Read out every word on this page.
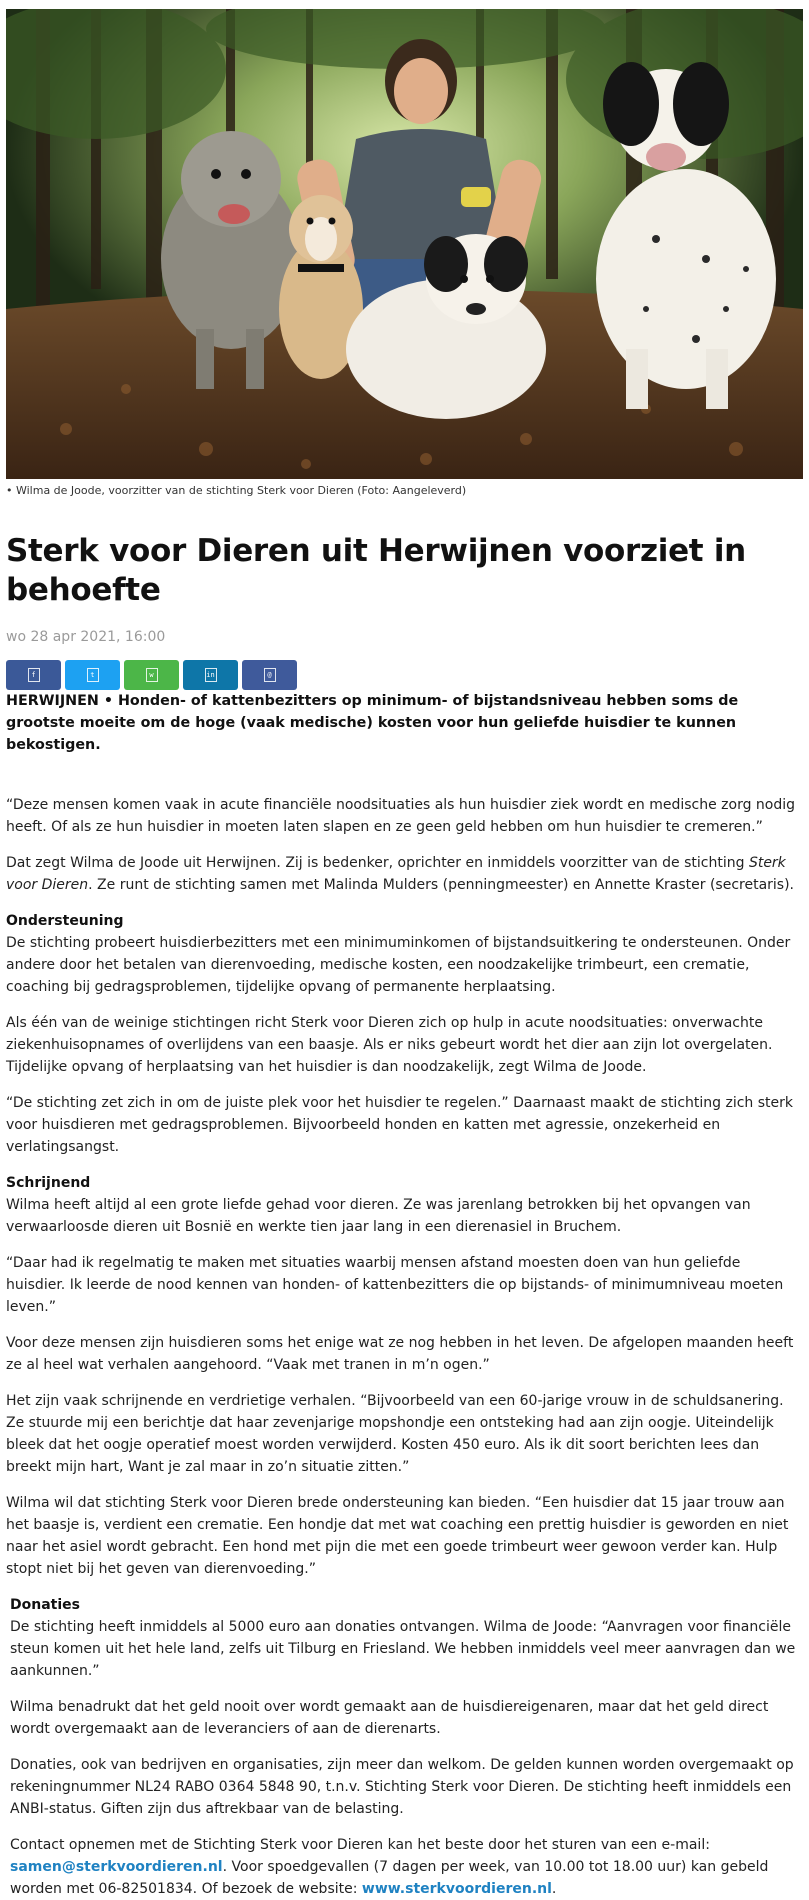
• Wilma de Joode, voorzitter van de stichting Sterk voor Dieren (Foto: Aangeleverd)
Sterk voor Dieren uit Herwijnen voorziet in behoefte
wo 28 apr 2021, 16:00
f	t	w	in	@

HERWIJNEN • Honden- of kattenbezitters op minimum- of bijstandsniveau hebben soms de grootste moeite om de hoge (vaak medische) kosten voor hun geliefde huisdier te kunnen bekostigen.

“Deze mensen komen vaak in acute financiële noodsituaties als hun huisdier ziek wordt en medische zorg nodig heeft. Of als ze hun huisdier in moeten laten slapen en ze geen geld hebben om hun huisdier te cremeren.”

Dat zegt Wilma de Joode uit Herwijnen. Zij is bedenker, oprichter en inmiddels voorzitter van de stichting Sterk voor Dieren. Ze runt de stichting samen met Malinda Mulders (penningmeester) en Annette Kraster (secretaris).

Ondersteuning

De stichting probeert huisdierbezitters met een minimuminkomen of bijstandsuitkering te ondersteunen. Onder andere door het betalen van dierenvoeding, medische kosten, een noodzakelijke trimbeurt, een crematie, coaching bij gedragsproblemen, tijdelijke opvang of permanente herplaatsing.

Als één van de weinige stichtingen richt Sterk voor Dieren zich op hulp in acute noodsituaties: onverwachte ziekenhuisopnames of overlijdens van een baasje. Als er niks gebeurt wordt het dier aan zijn lot overgelaten. Tijdelijke opvang of herplaatsing van het huisdier is dan noodzakelijk, zegt Wilma de Joode.

“De stichting zet zich in om de juiste plek voor het huisdier te regelen.” Daarnaast maakt de stichting zich sterk voor huisdieren met gedragsproblemen. Bijvoorbeeld honden en katten met agressie, onzekerheid en verlatingsangst.

Schrijnend

Wilma heeft altijd al een grote liefde gehad voor dieren. Ze was jarenlang betrokken bij het opvangen van verwaarloosde dieren uit Bosnië en werkte tien jaar lang in een dierenasiel in Bruchem.

“Daar had ik regelmatig te maken met situaties waarbij mensen afstand moesten doen van hun geliefde huisdier. Ik leerde de nood kennen van honden- of kattenbezitters die op bijstands- of minimumniveau moeten leven.”

Voor deze mensen zijn huisdieren soms het enige wat ze nog hebben in het leven. De afgelopen maanden heeft ze al heel wat verhalen aangehoord. “Vaak met tranen in m’n ogen.”

Het zijn vaak schrijnende en verdrietige verhalen. “Bijvoorbeeld van een 60-jarige vrouw in de schuldsanering. Ze stuurde mij een berichtje dat haar zevenjarige mopshondje een ontsteking had aan zijn oogje. Uiteindelijk bleek dat het oogje operatief moest worden verwijderd. Kosten 450 euro. Als ik dit soort berichten lees dan breekt mijn hart, Want je zal maar in zo’n situatie zitten.”

Wilma wil dat stichting Sterk voor Dieren brede ondersteuning kan bieden. “Een huisdier dat 15 jaar trouw aan het baasje is, verdient een crematie. Een hondje dat met wat coaching een prettig huisdier is geworden en niet naar het asiel wordt gebracht. Een hond met pijn die met een goede trimbeurt weer gewoon verder kan. Hulp stopt niet bij het geven van dierenvoeding.”

Donaties

De stichting heeft inmiddels al 5000 euro aan donaties ontvangen. Wilma de Joode: “Aanvragen voor financiële steun komen uit het hele land, zelfs uit Tilburg en Friesland. We hebben inmiddels veel meer aanvragen dan we aankunnen.”

Wilma benadrukt dat het geld nooit over wordt gemaakt aan de huisdiereigenaren, maar dat het geld direct wordt overgemaakt aan de leveranciers of aan de dierenarts.

Donaties, ook van bedrijven en organisaties, zijn meer dan welkom. De gelden kunnen worden overgemaakt op rekeningnummer NL24 RABO 0364 5848 90, t.n.v. Stichting Sterk voor Dieren. De stichting heeft inmiddels een ANBI-status. Giften zijn dus aftrekbaar van de belasting.

Contact opnemen met de Stichting Sterk voor Dieren kan het beste door het sturen van een e-mail: samen@sterkvoordieren.nl. Voor spoedgevallen (7 dagen per week, van 10.00 tot 18.00 uur) kan gebeld worden met 06-82501834. Of bezoek de website: www.sterkvoordieren.nl.
